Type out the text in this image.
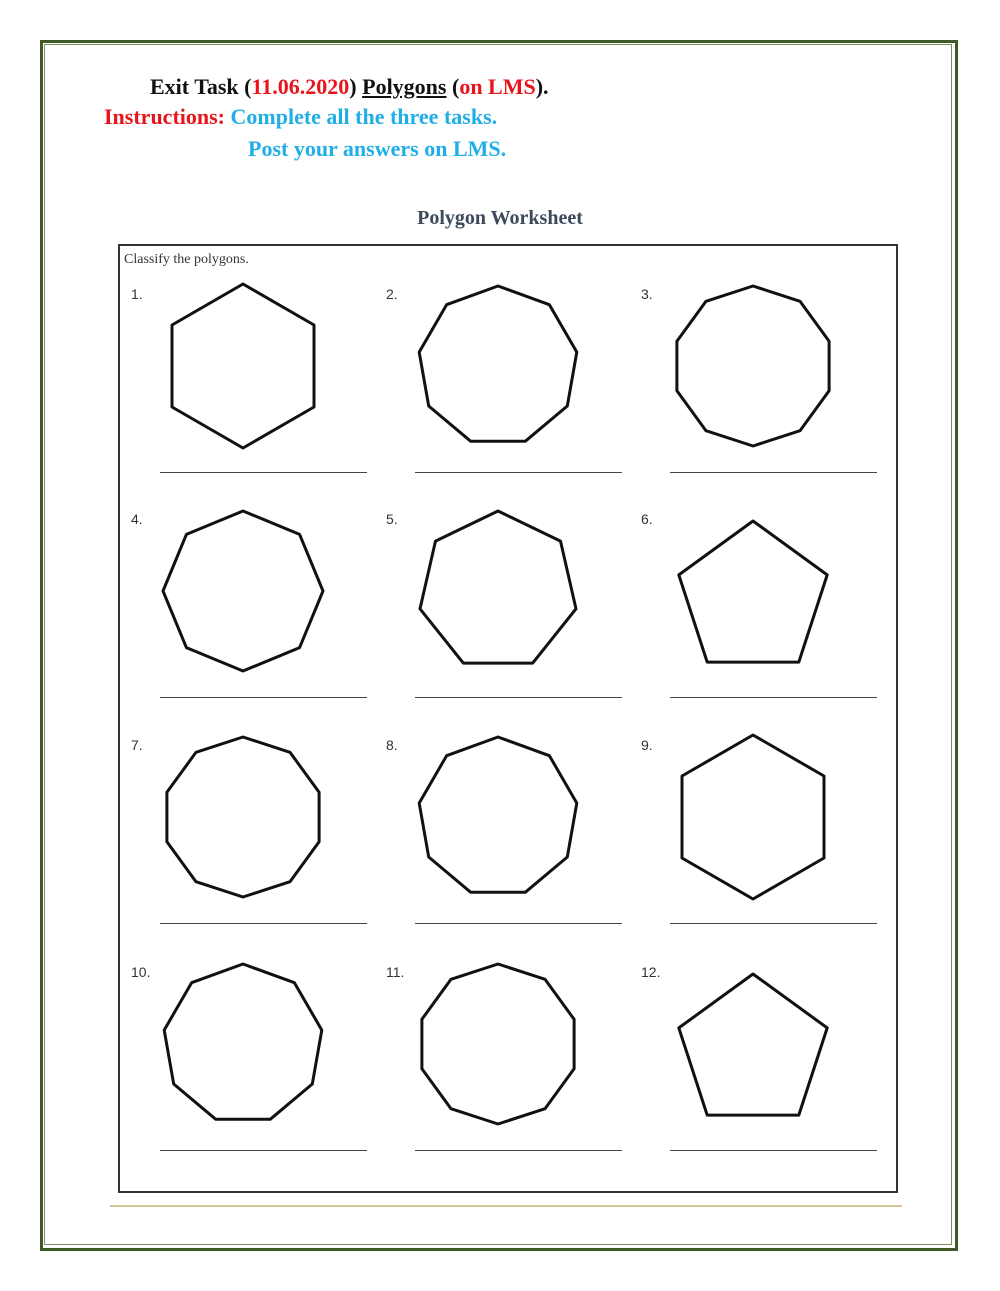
Exit Task (11.06.2020) Polygons (on LMS).
Instructions: Complete all the three tasks.
Post your answers on LMS.
Polygon Worksheet
Classify the polygons.
1.	2.	3.
4.	5.	6.
7.	8.	9.
10.	11.	12.
